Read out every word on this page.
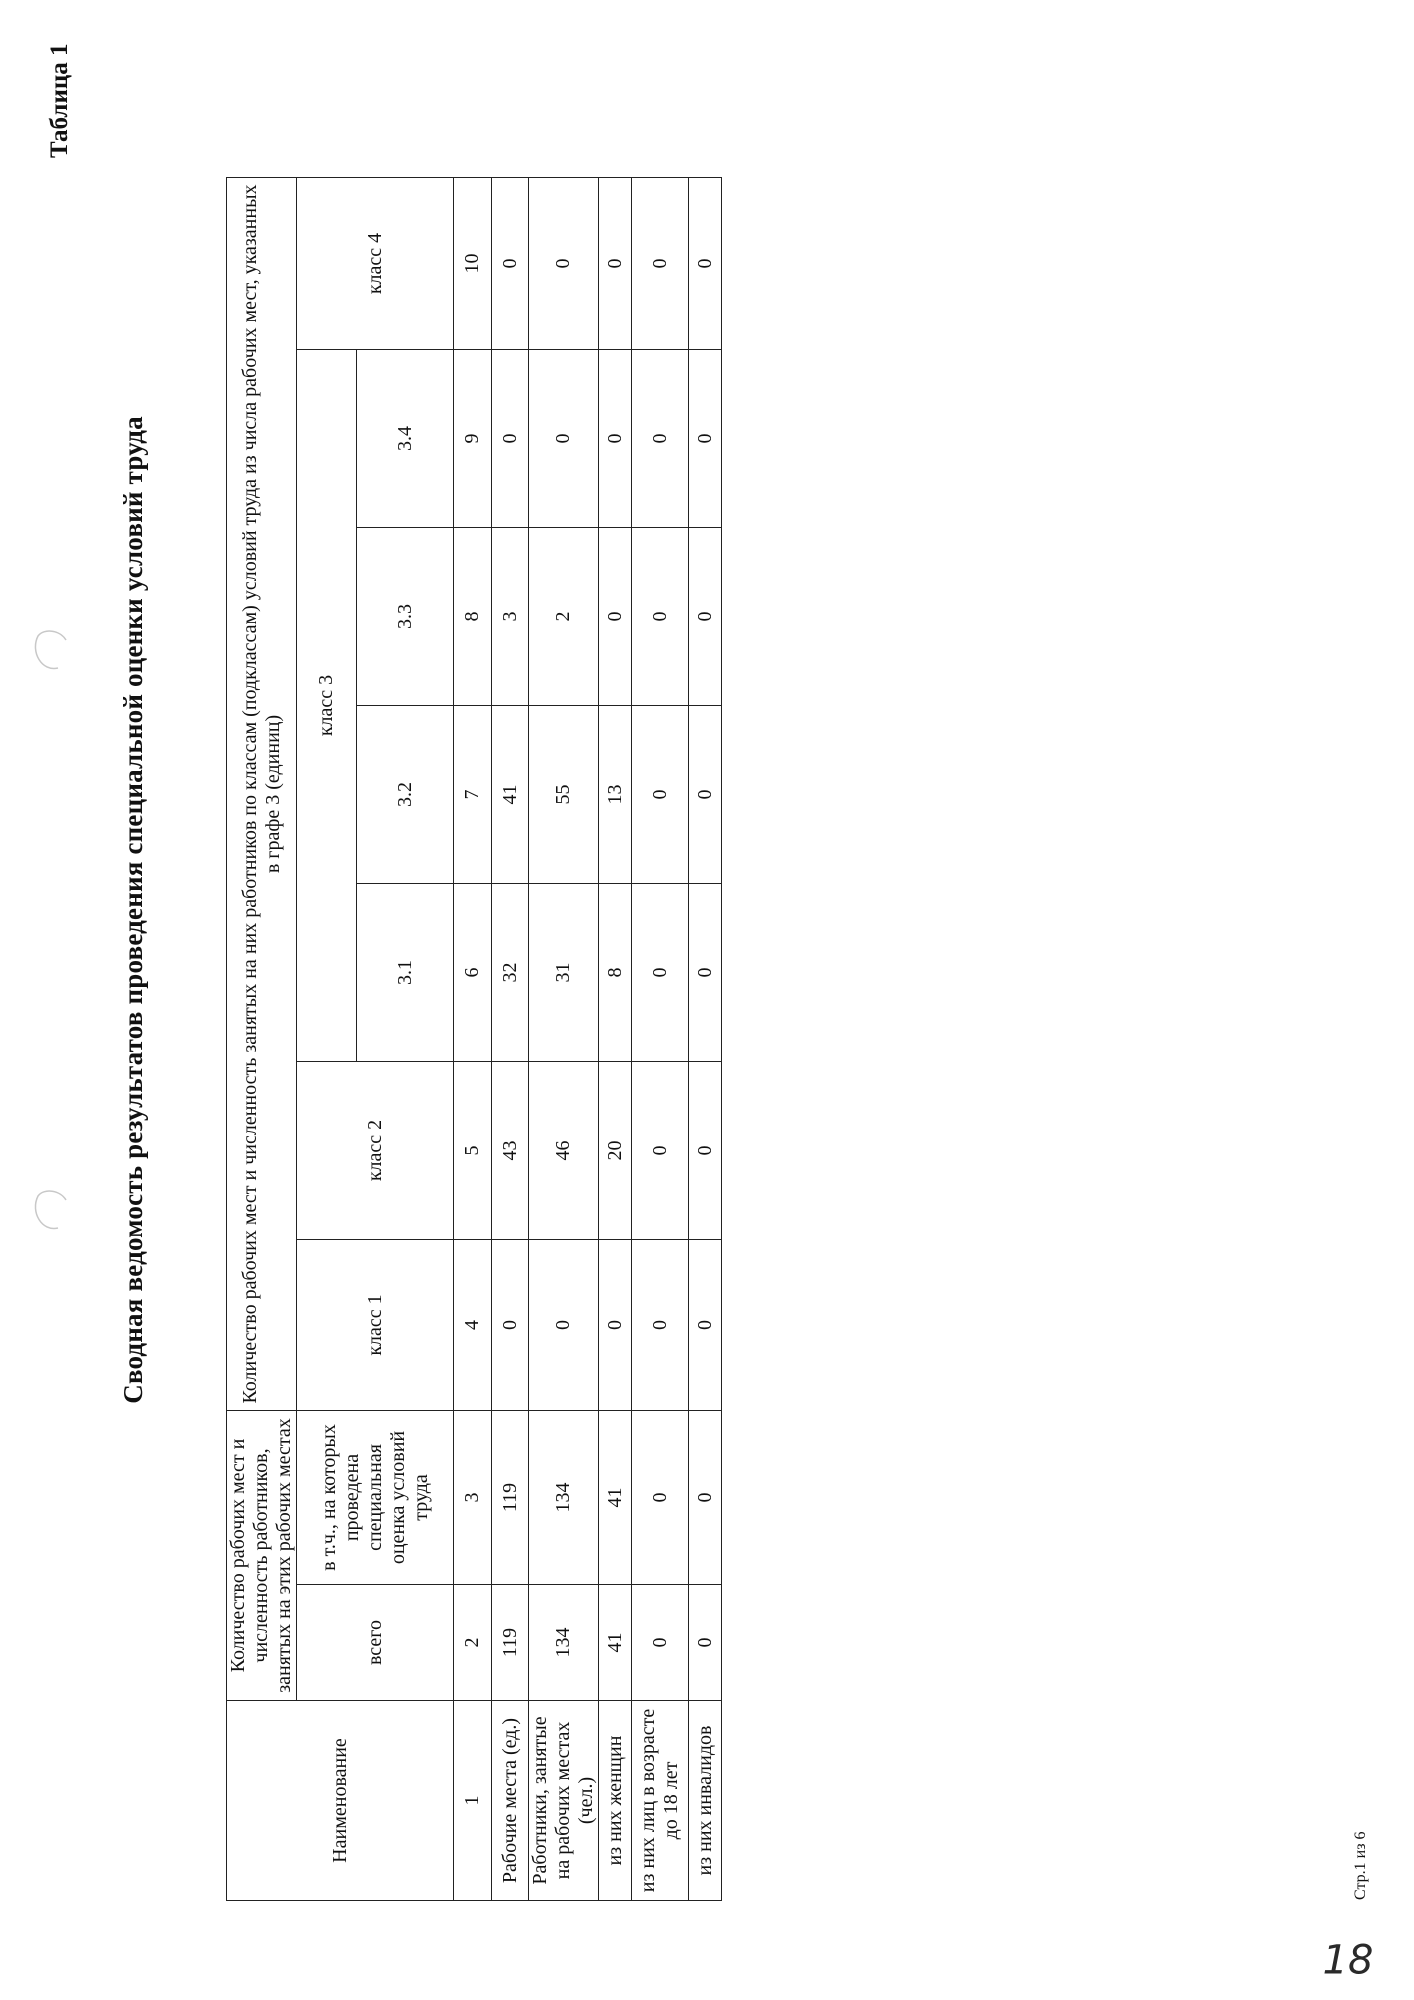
Таблица 1
Сводная ведомость результатов проведения специальной оценки условий труда
Наименование	Количество рабочих мест и численность работников, занятых на этих рабочих местах		Количество рабочих мест и численность занятых на них работников по классам (подклассам) условий труда из числа рабочих мест, указанных в графе 3 (единиц)						
	всего	в т.ч., на которых проведена специальная оценка условий труда	класс 1	класс 2	класс 3				класс 4
					3.1	3.2	3.3	3.4	
1	2	3	4	5	6	7	8	9	10
Рабочие места (ед.)	119	119	0	43	32	41	3	0	0
Работники, занятые на рабочих местах (чел.)	134	134	0	46	31	55	2	0	0
из них женщин	41	41	0	20	8	13	0	0	0
из них лиц в возрасте до 18 лет	0	0	0	0	0	0	0	0	0
из них инвалидов	0	0	0	0	0	0	0	0	0
Стр.1 из 6
18
